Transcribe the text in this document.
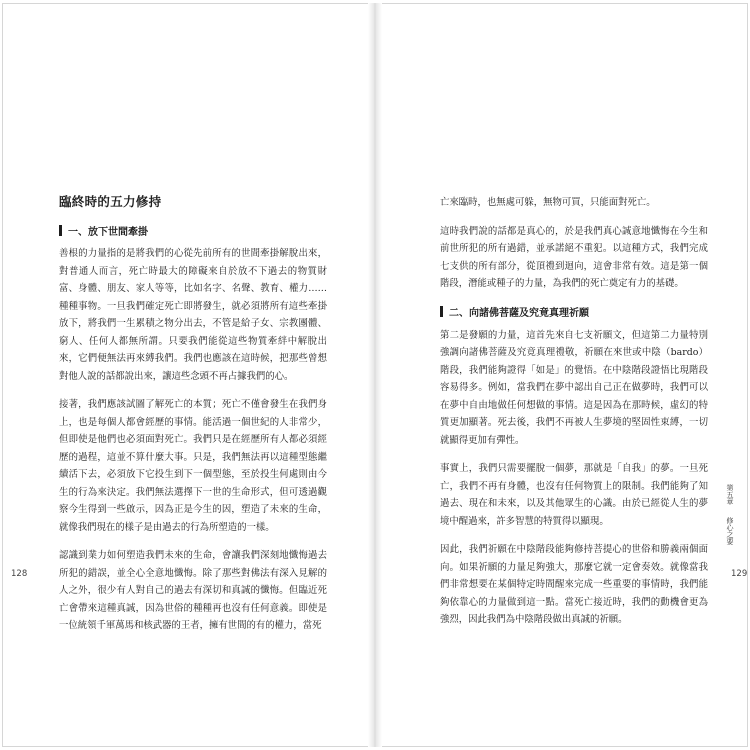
臨終時的五力修持
一、放下世間牽掛

善根的力量指的是將我們的心從先前所有的世間牽掛解脫出來，對普通人而言，死亡時最大的障礙來自於放不下過去的物質財富、身體、朋友、家人等等，比如名字、名聲、教育、權力……種種事物。一旦我們確定死亡即將發生，就必須將所有這些牽掛放下，將我們一生累積之物分出去，不管是給子女、宗教團體、窮人、任何人都無所謂。只要我們能從這些物質牽絆中解脫出來，它們便無法再來縛我們。我們也應該在這時候，把那些曾想對他人說的話都說出來，讓這些念頭不再占據我們的心。

接著，我們應該試圖了解死亡的本質；死亡不僅會發生在我們身上，也是每個人都會經歷的事情。能活過一個世紀的人非常少，但即使是他們也必須面對死亡。我們只是在經歷所有人都必須經歷的過程，這並不算什麼大事。只是，我們無法再以這種型態繼續活下去，必須放下它投生到下一個型態，至於投生何處則由今生的行為來決定。我們無法選擇下一世的生命形式，但可透過觀察今生得到一些啟示，因為正是今生的因，塑造了未來的生命，就像我們現在的樣子是由過去的行為所塑造的一樣。

認識到業力如何塑造我們未來的生命，會讓我們深刻地懺悔過去所犯的錯誤，並全心全意地懺悔。除了那些對佛法有深入見解的人之外，很少有人對自己的過去有深切和真誠的懺悔。但臨近死亡會帶來這種真誠，因為世俗的種種再也沒有任何意義。即使是一位統領千軍萬馬和核武器的王者，擁有世間的有的權力，當死

128

亡來臨時，也無處可躲，無物可買，只能面對死亡。

這時我們說的話都是真心的，於是我們真心誠意地懺悔在今生和前世所犯的所有過錯，並承諾絕不重犯。以這種方式，我們完成七支供的所有部分，從頂禮到迴向，這會非常有效。這是第一個階段，潛能或種子的力量，為我們的死亡奠定有力的基礎。

二、向諸佛菩薩及究竟真理祈願

第二是發願的力量，這首先來自七支祈願文，但這第二力量特別強調向諸佛菩薩及究竟真理禮敬，祈願在來世或中陰（bardo）階段，我們能夠證得「如是」的覺悟。在中陰階段證悟比現階段容易得多。例如，當我們在夢中認出自己正在做夢時，我們可以在夢中自由地做任何想做的事情。這是因為在那時候，虛幻的特質更加顯著。死去後，我們不再被人生夢境的堅固性束縛，一切就顯得更加有彈性。

事實上，我們只需要擺脫一個夢，那就是「自我」的夢。一旦死亡，我們不再有身體，也沒有任何物質上的限制。我們能夠了知過去、現在和未來，以及其他眾生的心識。由於已經從人生的夢境中醒過來，許多智慧的特質得以顯現。

因此，我們祈願在中陰階段能夠修持菩提心的世俗和勝義兩個面向。如果祈願的力量足夠強大，那麼它就一定會奏效。就像當我們非常想要在某個特定時間醒來完成一些重要的事情時，我們能夠依靠心的力量做到這一點。當死亡接近時，我們的動機會更為強烈，因此我們為中陰階段做出真誠的祈願。

第五章  修心之要
129
